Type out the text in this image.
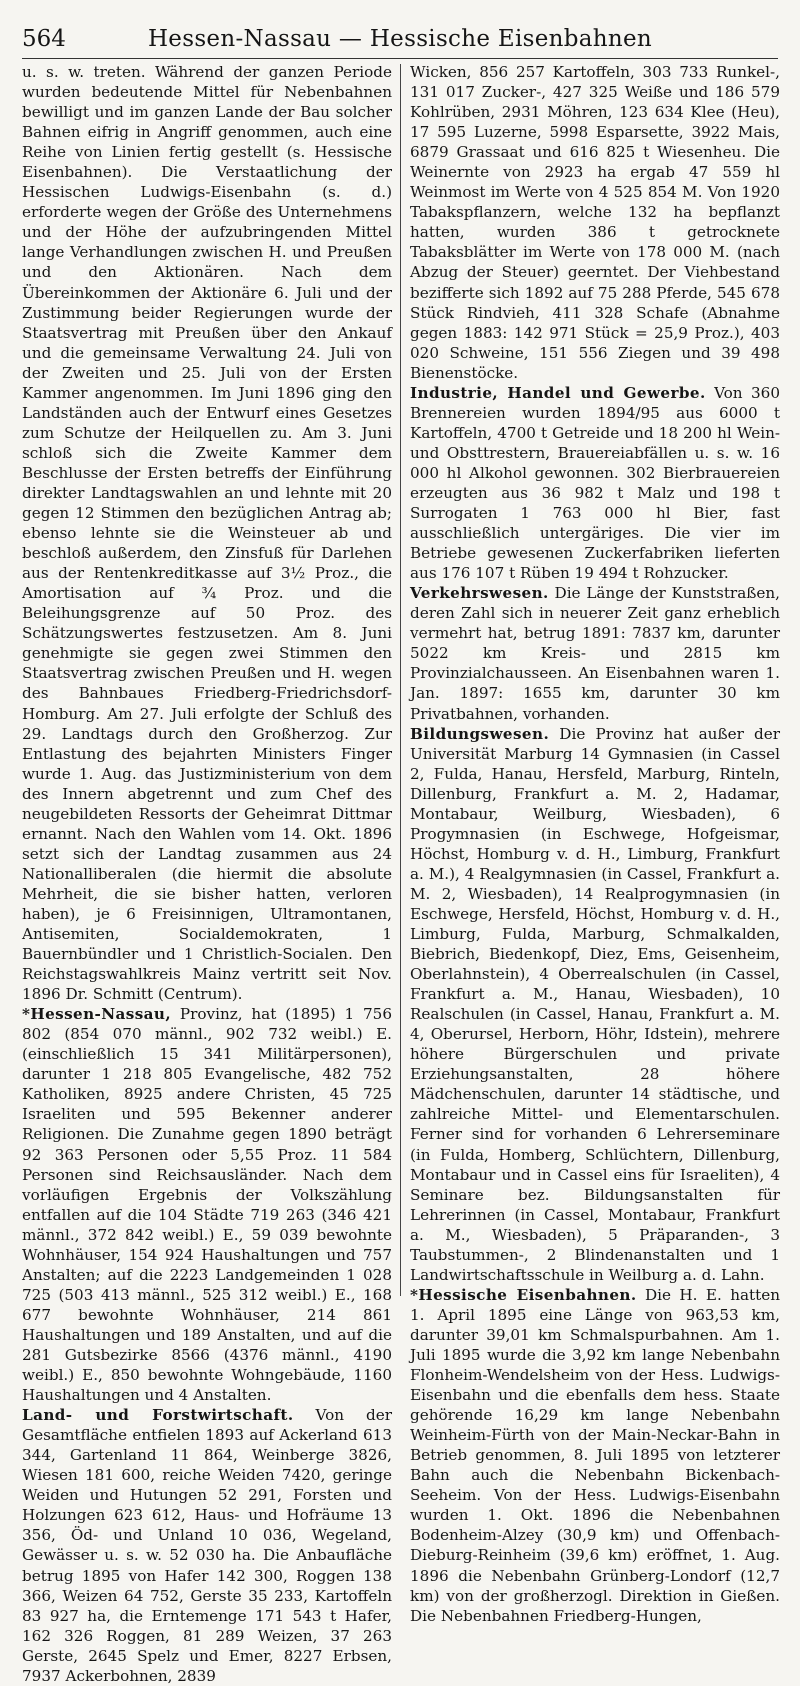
564	Hessen-Nassau — Hessische Eisenbahnen

u. s. w. treten. Während der ganzen Periode wurden bedeutende Mittel für Nebenbahnen bewilligt und im ganzen Lande der Bau solcher Bahnen eifrig in Angriff genommen, auch eine Reihe von Linien fertig gestellt (s. Hessische Eisenbahnen). Die Verstaatlichung der Hessischen Ludwigs-Eisenbahn (s. d.) erforderte wegen der Größe des Unternehmens und der Höhe der aufzubringenden Mittel lange Verhandlungen zwischen H. und Preußen und den Aktionären. Nach dem Übereinkommen der Aktionäre 6. Juli und der Zustimmung beider Regierungen wurde der Staatsvertrag mit Preußen über den Ankauf und die gemeinsame Verwaltung 24. Juli von der Zweiten und 25. Juli von der Ersten Kammer angenommen. Im Juni 1896 ging den Landständen auch der Entwurf eines Gesetzes zum Schutze der Heilquellen zu. Am 3. Juni schloß sich die Zweite Kammer dem Beschlusse der Ersten betreffs der Einführung direkter Landtagswahlen an und lehnte mit 20 gegen 12 Stimmen den bezüglichen Antrag ab; ebenso lehnte sie die Weinsteuer ab und beschloß außerdem, den Zinsfuß für Darlehen aus der Rentenkreditkasse auf 3½ Proz., die Amortisation auf ¾ Proz. und die Beleihungsgrenze auf 50 Proz. des Schätzungswertes festzusetzen. Am 8. Juni genehmigte sie gegen zwei Stimmen den Staatsvertrag zwischen Preußen und H. wegen des Bahnbaues Friedberg-Friedrichsdorf-Homburg. Am 27. Juli erfolgte der Schluß des 29. Landtags durch den Großherzog. Zur Entlastung des bejahrten Ministers Finger wurde 1. Aug. das Justizministerium von dem des Innern abgetrennt und zum Chef des neugebildeten Ressorts der Geheimrat Dittmar ernannt. Nach den Wahlen vom 14. Okt. 1896 setzt sich der Landtag zusammen aus 24 Nationalliberalen (die hiermit die absolute Mehrheit, die sie bisher hatten, verloren haben), je 6 Freisinnigen, Ultramontanen, Antisemiten, Socialdemokraten, 1 Bauernbündler und 1 Christlich-Socialen. Den Reichstagswahlkreis Mainz vertritt seit Nov. 1896 Dr. Schmitt (Centrum).

*Hessen-Nassau, Provinz, hat (1895) 1 756 802 (854 070 männl., 902 732 weibl.) E. (einschließlich 15 341 Militärpersonen), darunter 1 218 805 Evangelische, 482 752 Katholiken, 8925 andere Christen, 45 725 Israeliten und 595 Bekenner anderer Religionen. Die Zunahme gegen 1890 beträgt 92 363 Personen oder 5,55 Proz. 11 584 Personen sind Reichsausländer. Nach dem vorläufigen Ergebnis der Volkszählung entfallen auf die 104 Städte 719 263 (346 421 männl., 372 842 weibl.) E., 59 039 bewohnte Wohnhäuser, 154 924 Haushaltungen und 757 Anstalten; auf die 2223 Landgemeinden 1 028 725 (503 413 männl., 525 312 weibl.) E., 168 677 bewohnte Wohnhäuser, 214 861 Haushaltungen und 189 Anstalten, und auf die 281 Gutsbezirke 8566 (4376 männl., 4190 weibl.) E., 850 bewohnte Wohngebäude, 1160 Haushaltungen und 4 Anstalten.

Land- und Forstwirtschaft. Von der Gesamtfläche entfielen 1893 auf Ackerland 613 344, Gartenland 11 864, Weinberge 3826, Wiesen 181 600, reiche Weiden 7420, geringe Weiden und Hutungen 52 291, Forsten und Holzungen 623 612, Haus- und Hofräume 13 356, Öd- und Unland 10 036, Wegeland, Gewässer u. s. w. 52 030 ha. Die Anbaufläche betrug 1895 von Hafer 142 300, Roggen 138 366, Weizen 64 752, Gerste 35 233, Kartoffeln 83 927 ha, die Erntemenge 171 543 t Hafer, 162 326 Roggen, 81 289 Weizen, 37 263 Gerste, 2645 Spelz und Emer, 8227 Erbsen, 7937 Ackerbohnen, 2839

Wicken, 856 257 Kartoffeln, 303 733 Runkel-, 131 017 Zucker-, 427 325 Weiße und 186 579 Kohlrüben, 2931 Möhren, 123 634 Klee (Heu), 17 595 Luzerne, 5998 Esparsette, 3922 Mais, 6879 Grassaat und 616 825 t Wiesenheu. Die Weinernte von 2923 ha ergab 47 559 hl Weinmost im Werte von 4 525 854 M. Von 1920 Tabakspflanzern, welche 132 ha bepflanzt hatten, wurden 386 t getrocknete Tabaksblätter im Werte von 178 000 M. (nach Abzug der Steuer) geerntet. Der Viehbestand bezifferte sich 1892 auf 75 288 Pferde, 545 678 Stück Rindvieh, 411 328 Schafe (Abnahme gegen 1883: 142 971 Stück = 25,9 Proz.), 403 020 Schweine, 151 556 Ziegen und 39 498 Bienenstöcke.

Industrie, Handel und Gewerbe. Von 360 Brennereien wurden 1894/95 aus 6000 t Kartoffeln, 4700 t Getreide und 18 200 hl Wein- und Obsttrestern, Brauereiabfällen u. s. w. 16 000 hl Alkohol gewonnen. 302 Bierbrauereien erzeugten aus 36 982 t Malz und 198 t Surrogaten 1 763 000 hl Bier, fast ausschließlich untergäriges. Die vier im Betriebe gewesenen Zuckerfabriken lieferten aus 176 107 t Rüben 19 494 t Rohzucker.

Verkehrswesen. Die Länge der Kunststraßen, deren Zahl sich in neuerer Zeit ganz erheblich vermehrt hat, betrug 1891: 7837 km, darunter 5022 km Kreis- und 2815 km Provinzialchausseen. An Eisenbahnen waren 1. Jan. 1897: 1655 km, darunter 30 km Privatbahnen, vorhanden.

Bildungswesen. Die Provinz hat außer der Universität Marburg 14 Gymnasien (in Cassel 2, Fulda, Hanau, Hersfeld, Marburg, Rinteln, Dillenburg, Frankfurt a. M. 2, Hadamar, Montabaur, Weilburg, Wiesbaden), 6 Progymnasien (in Eschwege, Hofgeismar, Höchst, Homburg v. d. H., Limburg, Frankfurt a. M.), 4 Realgymnasien (in Cassel, Frankfurt a. M. 2, Wiesbaden), 14 Realprogymnasien (in Eschwege, Hersfeld, Höchst, Homburg v. d. H., Limburg, Fulda, Marburg, Schmalkalden, Biebrich, Biedenkopf, Diez, Ems, Geisenheim, Oberlahnstein), 4 Oberrealschulen (in Cassel, Frankfurt a. M., Hanau, Wiesbaden), 10 Realschulen (in Cassel, Hanau, Frankfurt a. M. 4, Oberursel, Herborn, Höhr, Idstein), mehrere höhere Bürgerschulen und private Erziehungsanstalten, 28 höhere Mädchenschulen, darunter 14 städtische, und zahlreiche Mittel- und Elementarschulen. Ferner sind for vorhanden 6 Lehrerseminare (in Fulda, Homberg, Schlüchtern, Dillenburg, Montabaur und in Cassel eins für Israeliten), 4 Seminare bez. Bildungsanstalten für Lehrerinnen (in Cassel, Montabaur, Frankfurt a. M., Wiesbaden), 5 Präparanden-, 3 Taubstummen-, 2 Blindenanstalten und 1 Landwirtschaftsschule in Weilburg a. d. Lahn.

*Hessische Eisenbahnen. Die H. E. hatten 1. April 1895 eine Länge von 963,53 km, darunter 39,01 km Schmalspurbahnen. Am 1. Juli 1895 wurde die 3,92 km lange Nebenbahn Flonheim-Wendelsheim von der Hess. Ludwigs-Eisenbahn und die ebenfalls dem hess. Staate gehörende 16,29 km lange Nebenbahn Weinheim-Fürth von der Main-Neckar-Bahn in Betrieb genommen, 8. Juli 1895 von letzterer Bahn auch die Nebenbahn Bickenbach-Seeheim. Von der Hess. Ludwigs-Eisenbahn wurden 1. Okt. 1896 die Nebenbahnen Bodenheim-Alzey (30,9 km) und Offenbach-Dieburg-Reinheim (39,6 km) eröffnet, 1. Aug. 1896 die Nebenbahn Grünberg-Londorf (12,7 km) von der großherzogl. Direktion in Gießen. Die Nebenbahnen Friedberg-Hungen,
